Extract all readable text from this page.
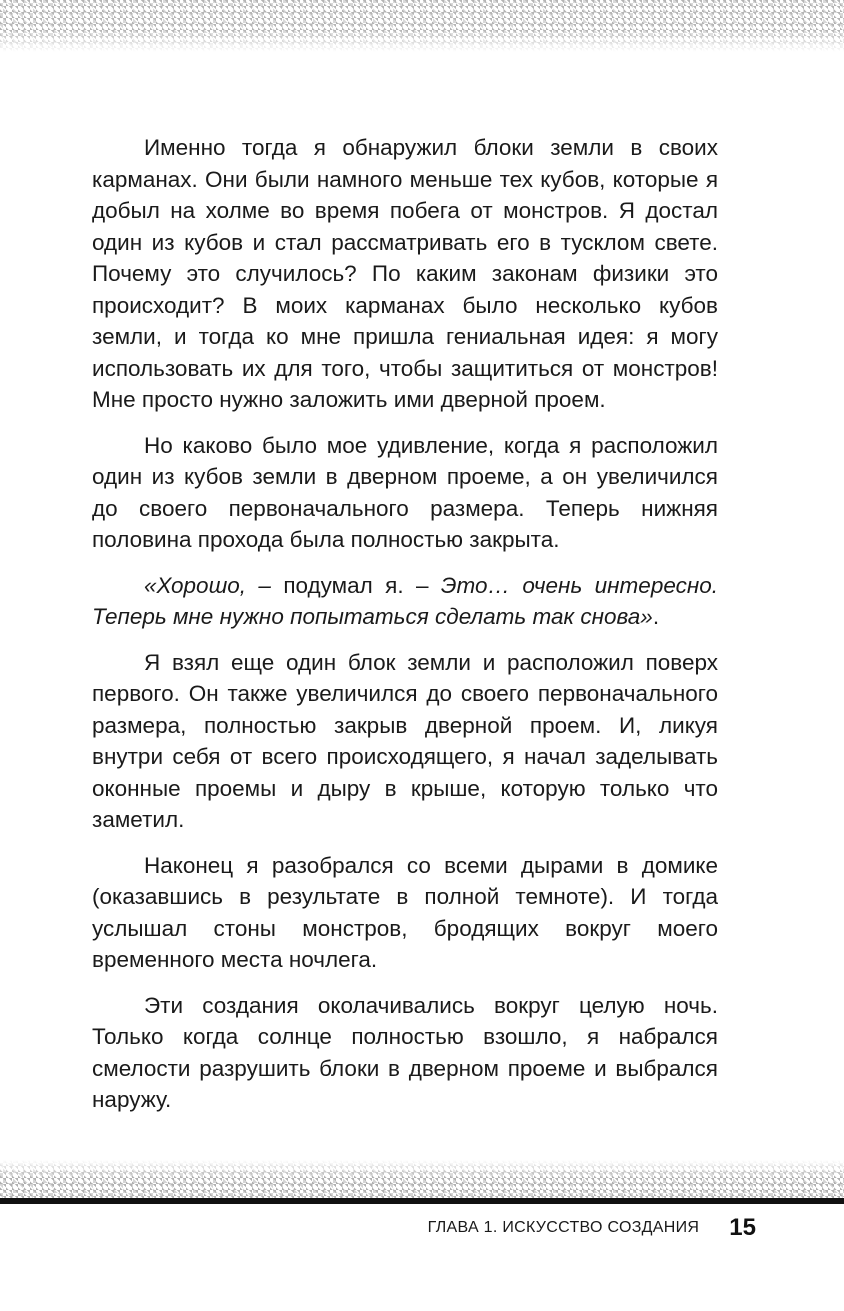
Именно тогда я обнаружил блоки земли в своих карманах. Они были намного меньше тех кубов, которые я добыл на холме во время побега от монстров. Я достал один из кубов и стал рассматривать его в тусклом свете. Почему это случилось? По каким законам физики это происходит? В моих карманах было несколько кубов земли, и тогда ко мне пришла гениальная идея: я могу использовать их для того, чтобы защититься от монстров! Мне просто нужно заложить ими дверной проем.

Но каково было мое удивление, когда я расположил один из кубов земли в дверном проеме, а он увеличился до своего первоначального размера. Теперь нижняя половина прохода была полностью закрыта.

«Хорошо, – подумал я. – Это… очень интересно. Теперь мне нужно попытаться сделать так снова».

Я взял еще один блок земли и расположил поверх первого. Он также увеличился до своего первоначального размера, полностью закрыв дверной проем. И, ликуя внутри себя от всего происходящего, я начал заделывать оконные проемы и дыру в крыше, которую только что заметил.

Наконец я разобрался со всеми дырами в домике (оказавшись в результате в полной темноте). И тогда услышал стоны монстров, бродящих вокруг моего временного места ночлега.

Эти создания околачивались вокруг целую ночь. Только когда солнце полностью взошло, я набрался смелости разрушить блоки в дверном проеме и выбрался наружу.

ГЛАВА 1. ИСКУССТВО СОЗДАНИЯ 15
